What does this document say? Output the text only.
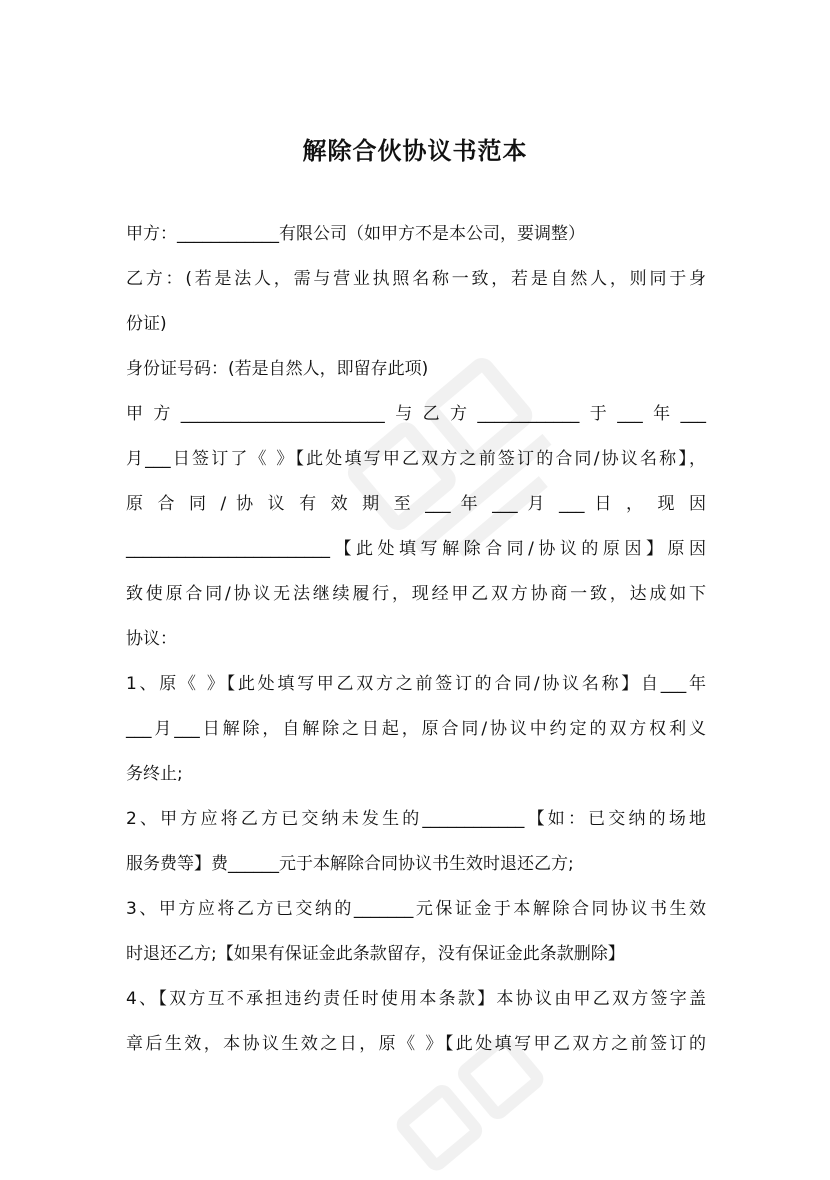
解除合伙协议书范本

甲方：____________有限公司（如甲方不是本公司，要调整）

乙方：(若是法人，需与营业执照名称一致，若是自然人，则同于身

份证)

身份证号码：(若是自然人，即留存此项)

甲方________________________与乙方____________于___年___

月___日签订了《 》【此处填写甲乙双方之前签订的合同/协议名称】，

原 合 同 / 协 议 有 效 期 至 ___ 年 ___ 月 ___ 日 ， 现 因

________________________【此处填写解除合同/协议的原因】原因

致使原合同/协议无法继续履行，现经甲乙双方协商一致，达成如下

协议：

1、原《 》【此处填写甲乙双方之前签订的合同/协议名称】自___年

___月___日解除，自解除之日起，原合同/协议中约定的双方权利义

务终止;

2、甲方应将乙方已交纳未发生的____________【如：已交纳的场地

服务费等】费______元于本解除合同协议书生效时退还乙方;

3、甲方应将乙方已交纳的_______元保证金于本解除合同协议书生效

时退还乙方;【如果有保证金此条款留存，没有保证金此条款删除】

4、【双方互不承担违约责任时使用本条款】本协议由甲乙双方签字盖

章后生效，本协议生效之日，原《 》【此处填写甲乙双方之前签订的
